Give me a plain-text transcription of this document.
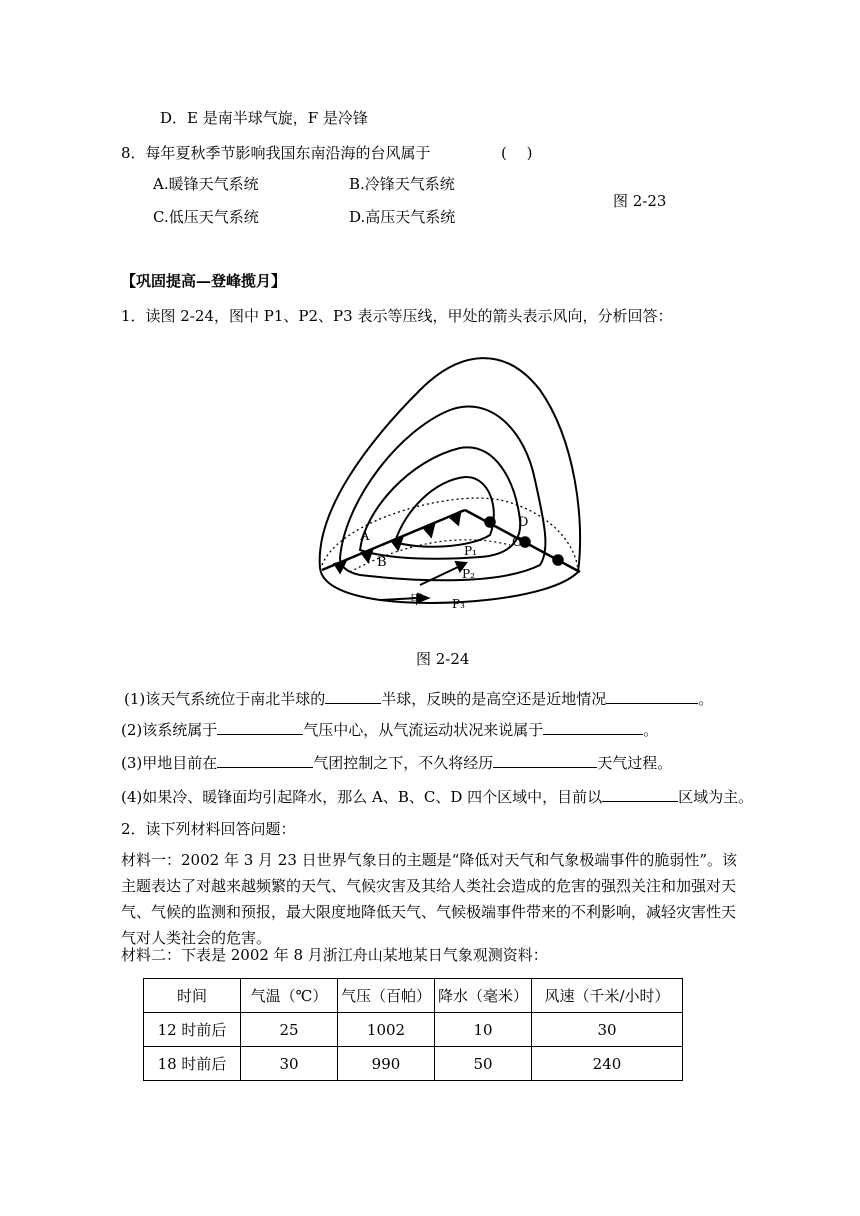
D．E 是南半球气旋，F 是冷锋
8．每年夏秋季节影响我国东南沿海的台风属于	(　 )
A.暖锋天气系统	B.冷锋天气系统
C.低压天气系统	D.高压天气系统
图 2-23
【巩固提高—登峰揽月】
1．读图 2-24，图中 P1、P2、P3 表示等压线，甲处的箭头表示风向，分析回答：
A
B
C
D
P₁
P₂
P₃
甲
图 2-24
(1)该天气系统位于南北半球的	半球，反映的是高空还是近地情况	。
(2)该系统属于	气压中心，从气流运动状况来说属于	。
(3)甲地目前在	气团控制之下，不久将经历	天气过程。
(4)如果冷、暖锋面均引起降水，那么 A、B、C、D 四个区域中，目前以	区域为主。
2．读下列材料回答问题：
材料一：2002 年 3 月 23 日世界气象日的主题是“降低对天气和气象极端事件的脆弱性”。该主题表达了对越来越频繁的天气、气候灾害及其给人类社会造成的危害的强烈关注和加强对天气、气候的监测和预报，最大限度地降低天气、气候极端事件带来的不利影响，减轻灾害性天气对人类社会的危害。
材料二：下表是 2002 年 8 月浙江舟山某地某日气象观测资料：
时间	气温（℃）	气压（百帕）	降水（毫米）	风速（千米/小时）
12 时前后	25	1002	10	30
18 时前后	30	990	50	240
